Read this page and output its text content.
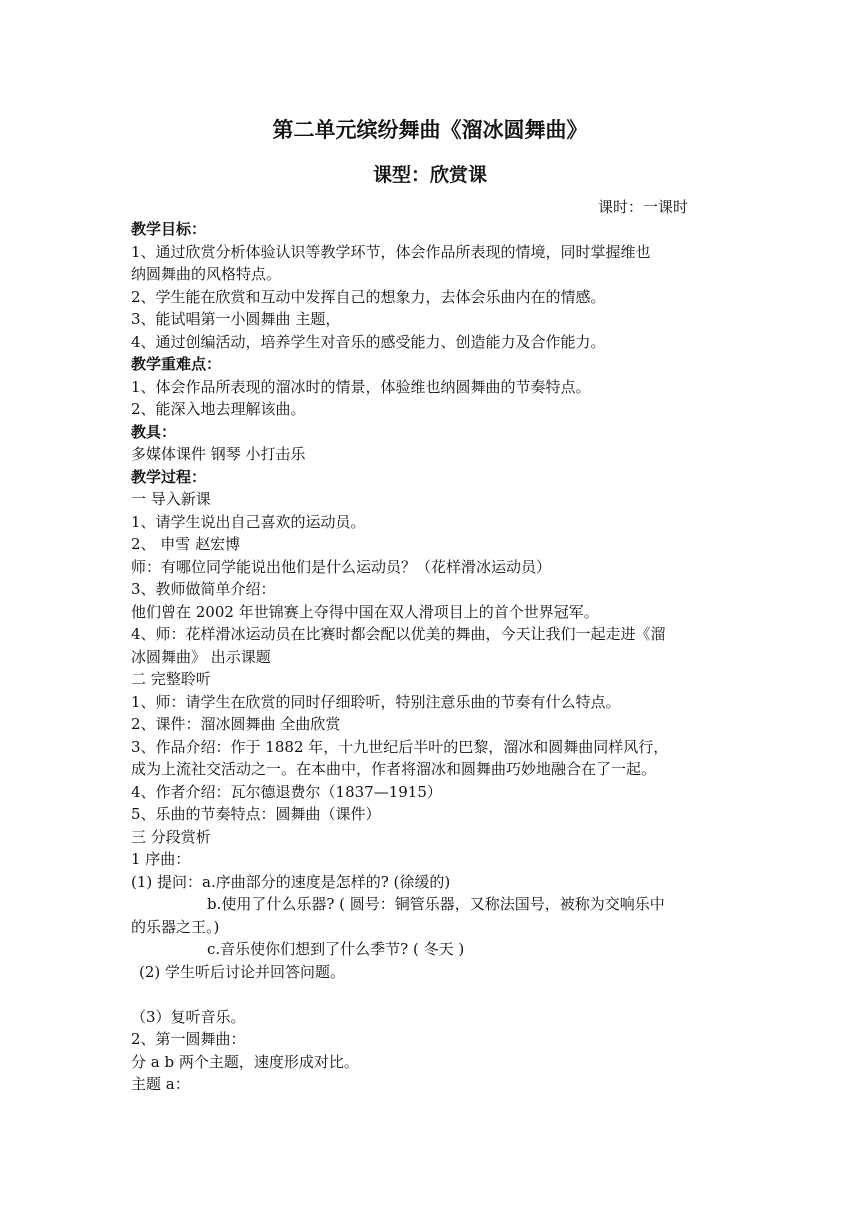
第二单元缤纷舞曲《溜冰圆舞曲》
课型：欣赏课
课时：一课时
教学目标：
1、通过欣赏分析体验认识等教学环节，体会作品所表现的情境，同时掌握维也
纳圆舞曲的风格特点。
2、学生能在欣赏和互动中发挥自己的想象力，去体会乐曲内在的情感。
3、能试唱第一小圆舞曲 主题，
4、通过创编活动，培养学生对音乐的感受能力、创造能力及合作能力。
教学重难点：
1、体会作品所表现的溜冰时的情景，体验维也纳圆舞曲的节奏特点。
2、能深入地去理解该曲。
教具：
多媒体课件 钢琴 小打击乐
教学过程：
一 导入新课
1、请学生说出自己喜欢的运动员。
2、 申雪 赵宏博
师：有哪位同学能说出他们是什么运动员？（花样滑冰运动员）
3、教师做简单介绍：
他们曾在 2002 年世锦赛上夺得中国在双人滑项目上的首个世界冠军。
4、师：花样滑冰运动员在比赛时都会配以优美的舞曲，今天让我们一起走进《溜
冰圆舞曲》 出示课题
二 完整聆听
1、师：请学生在欣赏的同时仔细聆听，特别注意乐曲的节奏有什么特点。
2、课件：溜冰圆舞曲 全曲欣赏
3、作品介绍：作于 1882 年，十九世纪后半叶的巴黎，溜冰和圆舞曲同样风行，
成为上流社交活动之一。在本曲中，作者将溜冰和圆舞曲巧妙地融合在了一起。
4、作者介绍：瓦尔德退费尔（1837—1915）
5、乐曲的节奏特点：圆舞曲（课件）
三 分段赏析
1 序曲：
(1) 提问：a.序曲部分的速度是怎样的? (徐缓的)
b.使用了什么乐器? ( 圆号：铜管乐器，又称法国号，被称为交响乐中
的乐器之王。)
c.音乐使你们想到了什么季节? ( 冬天 )
(2) 学生听后讨论并回答问题。
（3）复听音乐。
2、第一圆舞曲：
分 a b 两个主题，速度形成对比。
主题 a：
